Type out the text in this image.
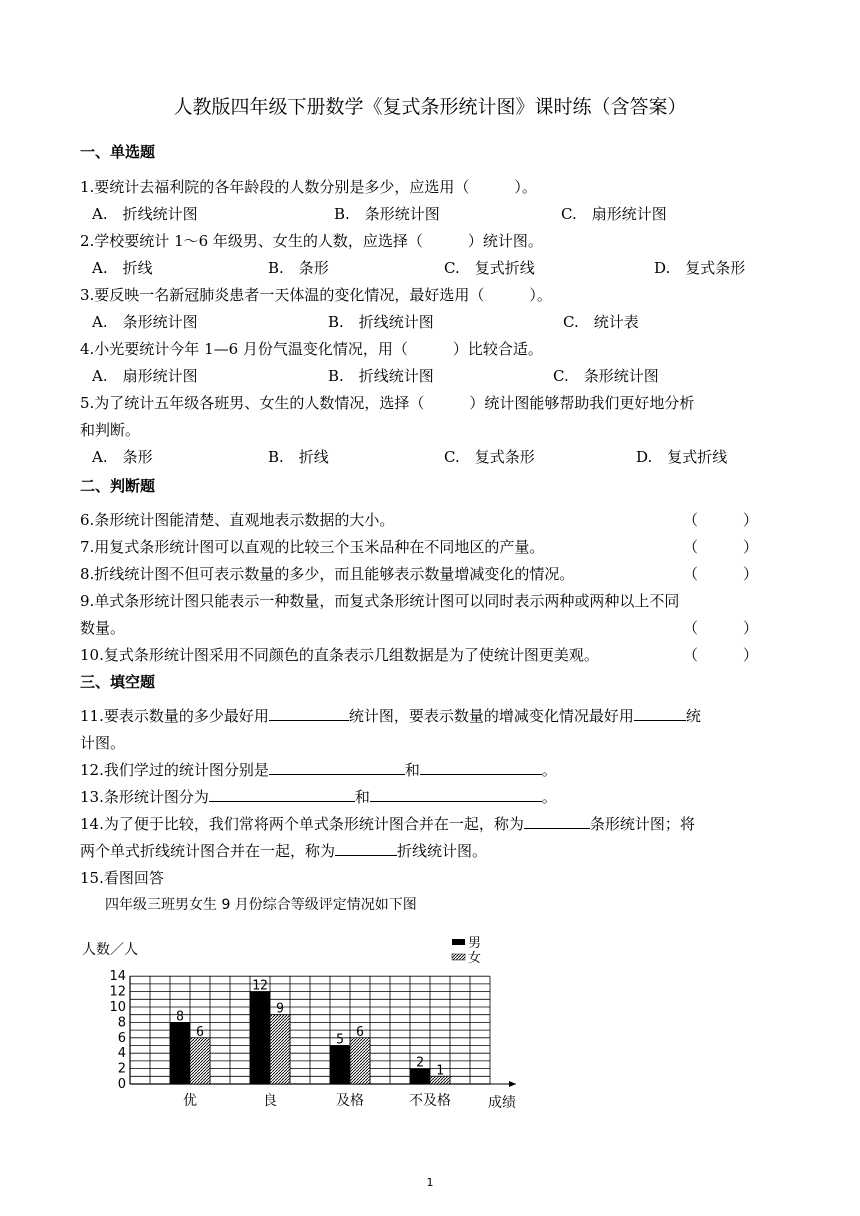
人教版四年级下册数学《复式条形统计图》课时练（含答案）
一、单选题
1.要统计去福利院的各年龄段的人数分别是多少，应选用（　　　）。
A.　折线统计图	B.　条形统计图	C.　扇形统计图
2.学校要统计 1～6 年级男、女生的人数，应选择（　　　）统计图。
A.　折线	B.　条形	C.　复式折线	D.　复式条形
3.要反映一名新冠肺炎患者一天体温的变化情况，最好选用（　　　）。
A.　条形统计图	B.　折线统计图	C.　统计表
4.小光要统计今年 1—6 月份气温变化情况，用（　　　）比较合适。
A.　扇形统计图	B.　折线统计图	C.　条形统计图
5.为了统计五年级各班男、女生的人数情况，选择（　　　）统计图能够帮助我们更好地分析
和判断。
A.　条形	B.　折线	C.　复式条形	D.　复式折线
二、判断题
6.条形统计图能清楚、直观地表示数据的大小。	（　　　）
7.用复式条形统计图可以直观的比较三个玉米品种在不同地区的产量。	（　　　）
8.折线统计图不但可表示数量的多少，而且能够表示数量增减变化的情况。	（　　　）
9.单式条形统计图只能表示一种数量，而复式条形统计图可以同时表示两种或两种以上不同
数量。	（　　　）
10.复式条形统计图采用不同颜色的直条表示几组数据是为了使统计图更美观。	（　　　）
三、填空题
11.要表示数量的多少最好用	统计图，要表示数量的增减变化情况最好用	统
计图。
12.我们学过的统计图分别是	和	。
13.条形统计图分为	和	。
14.为了便于比较，我们常将两个单式条形统计图合并在一起，称为	条形统计图；将
两个单式折线统计图合并在一起，称为	折线统计图。
15.看图回答
四年级三班男女生 9 月份综合等级评定情况如下图
人数／人
成绩
男
女
0
2
4
6
8
10
12
14
8
6
优
12
9
良
5
6
及格
2
1
不及格
1
